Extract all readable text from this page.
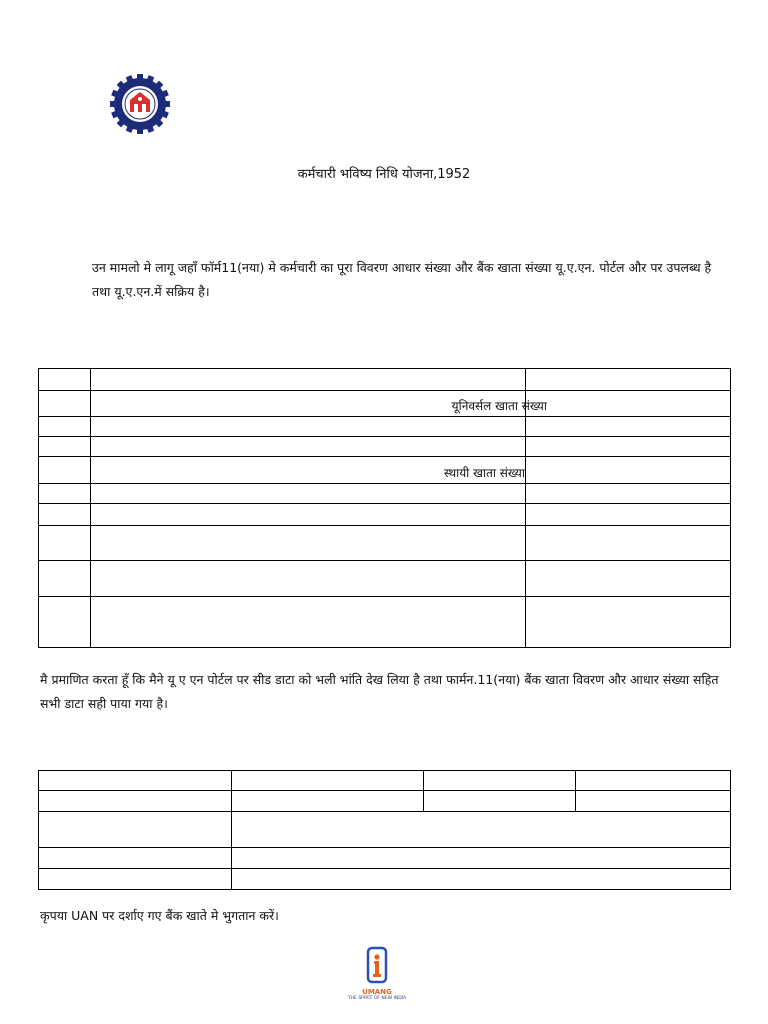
कर्मचारी भविष्य निधि योजना,1952
उन मामलो मे लागू जहाँ फॉर्म11(नया) मे कर्मचारी का पूरा विवरण आधार संख्या और बैंक खाता संख्या यू.ए.एन. पोर्टल और पर उपलब्ध है तथा यू.ए.एन.में सक्रिय है।

	यूनिवर्सल खाता संख्या	

	स्थायी खाता संख्या	

मै प्रमाणित करता हूँ कि मैने यू ए एन पोर्टल पर सीड डाटा को भली भांति देख लिया है तथा फार्मन.11(नया) बैंक खाता विवरण और आधार संख्या सहित सभी डाटा सही पाया गया है।

कृपया UAN पर दर्शाए गए बैंक खाते मे भुगतान करें।
UMANG
THE SPIRIT OF NEW INDIA
